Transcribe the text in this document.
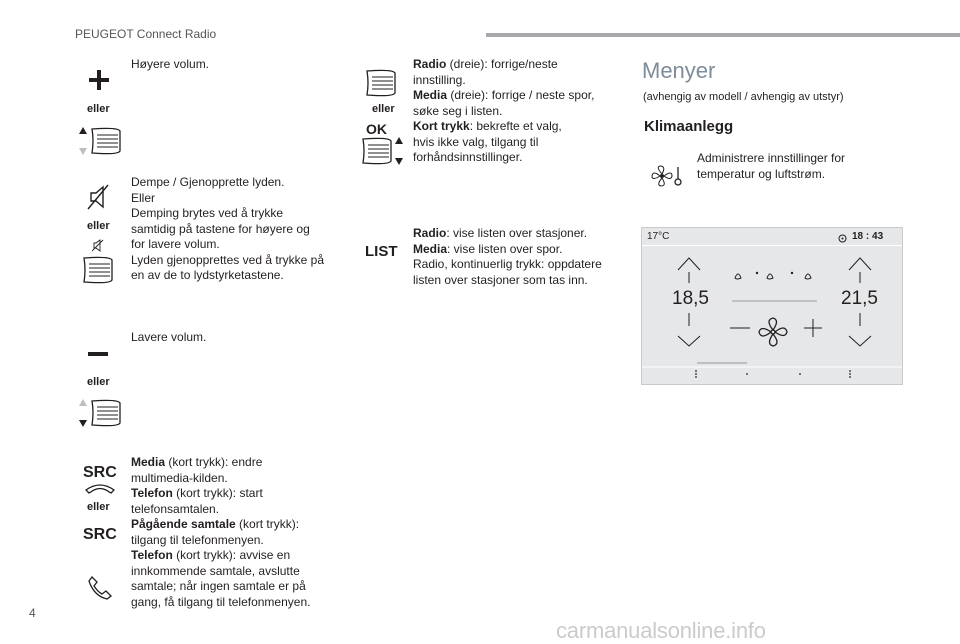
PEUGEOT Connect Radio
eller
Høyere volum.
eller
Dempe / Gjenopprette lyden.
Eller
Demping brytes ved å trykke
samtidig på tastene for høyere og
for lavere volum.
Lyden gjenopprettes ved å trykke på
en av de to lydstyrketastene.
eller
Lavere volum.
SRC
eller
SRC
Media (kort trykk): endre
multimedia-kilden.
Telefon (kort trykk): start
telefonsamtalen.
Pågående samtale (kort trykk):
tilgang til telefonmenyen.
Telefon (kort trykk): avvise en
innkommende samtale, avslutte
samtale; når ingen samtale er på
gang, få tilgang til telefonmenyen.
eller
OK
Radio (dreie): forrige/neste
innstilling.
Media (dreie): forrige / neste spor,
søke seg i listen.
Kort trykk: bekrefte et valg,
hvis ikke valg, tilgang til
forhåndsinnstillinger.
LIST
Radio: vise listen over stasjoner.
Media: vise listen over spor.
Radio, kontinuerlig trykk: oppdatere
listen over stasjoner som tas inn.
Menyer
(avhengig av modell / avhengig av utstyr)
Klimaanlegg
Administrere innstillinger for
temperatur og luftstrøm.
17°C	18 : 43
18,5	21,5
4
carmanualsonline.info
